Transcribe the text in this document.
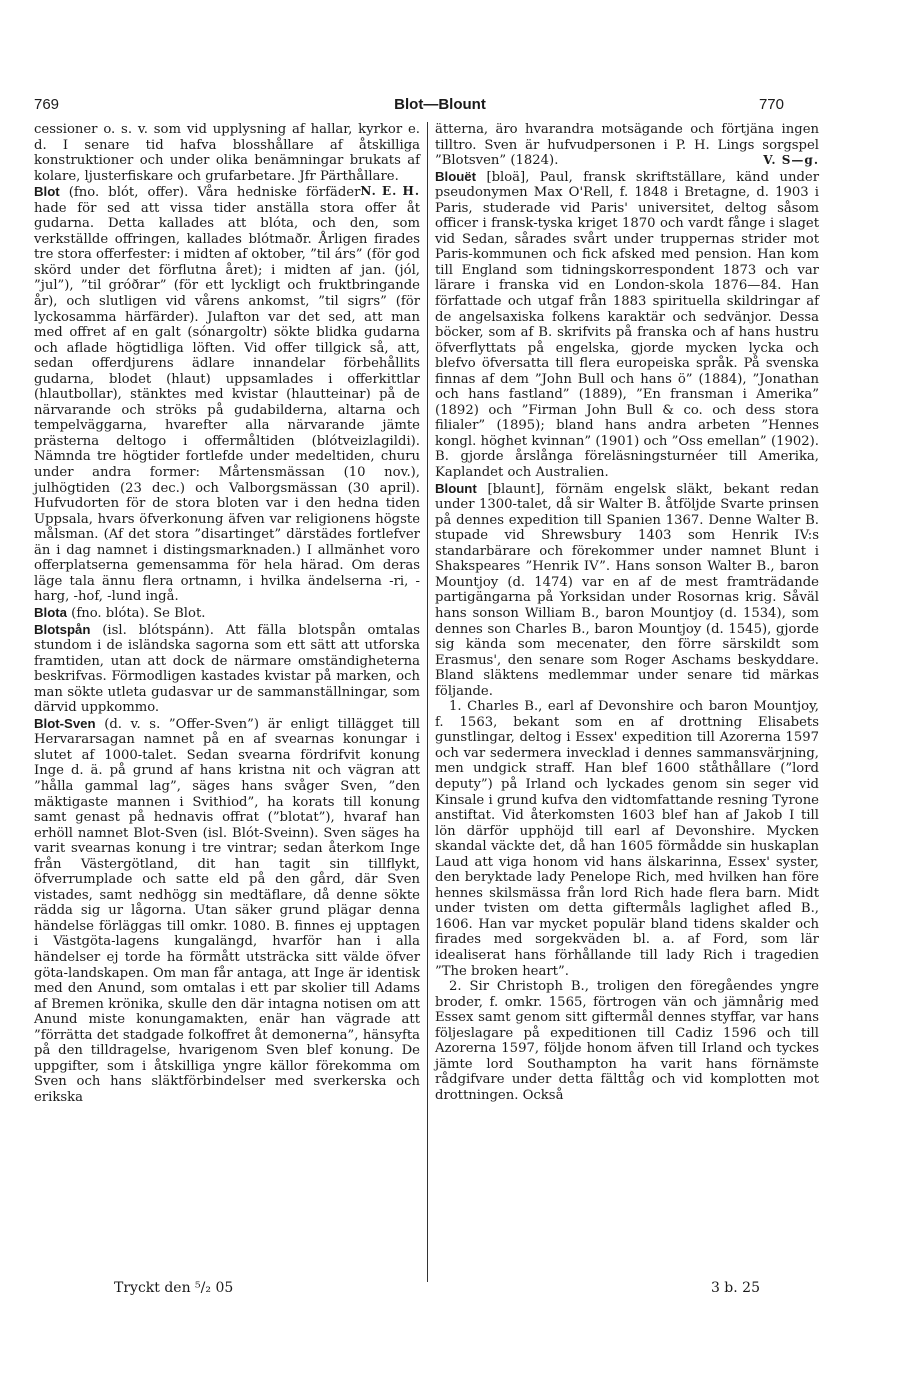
769	Blot—Blount	770

cessioner o. s. v. som vid upplysning af hallar, kyrkor e. d. I senare tid hafva blosshållare af åtskilliga konstruktioner och under olika benämningar brukats af kolare, ljusterfiskare och grufarbetare. Jfr Pärthållare.
N. E. H.

Blot (fno. blót, offer). Våra hedniske förfäder hade för sed att vissa tider anställa stora offer åt gudarna. Detta kallades att blóta, och den, som verkställde offringen, kallades blótmaðr. Årligen firades tre stora offerfester: i midten af oktober, ”til árs” (för god skörd under det förflutna året); i midten af jan. (jól, ”jul”), ”til gróðrar” (för ett lyckligt och fruktbringande år), och slutligen vid vårens ankomst, ”til sigrs” (för lyckosamma härfärder). Julafton var det sed, att man med offret af en galt (sónargoltr) sökte blidka gudarna och aflade högtidliga löften. Vid offer tillgick så, att, sedan offerdjurens ädlare innandelar förbehållits gudarna, blodet (hlaut) uppsamlades i offerkittlar (hlautbollar), stänktes med kvistar (hlautteinar) på de närvarande och ströks på gudabilderna, altarna och tempelväggarna, hvarefter alla närvarande jämte prästerna deltogo i offermåltiden (blótveizlagildi). Nämnda tre högtider fortlefde under medeltiden, churu under andra former: Mårtensmässan (10 nov.), julhögtiden (23 dec.) och Valborgsmässan (30 april). Hufvudorten för de stora bloten var i den hedna tiden Uppsala, hvars öfverkonung äfven var religionens högste målsman. (Af det stora ”disartinget” därstädes fortlefver än i dag namnet i distingsmarknaden.) I allmänhet voro offerplatserna gemensamma för hela härad. Om deras läge tala ännu flera ortnamn, i hvilka ändelserna -ri, -harg, -hof, -lund ingå.

Blota (fno. blóta). Se Blot.

Blotspån (isl. blótspánn). Att fälla blotspån omtalas stundom i de isländska sagorna som ett sätt att utforska framtiden, utan att dock de närmare omständigheterna beskrifvas. Förmodligen kastades kvistar på marken, och man sökte utleta gudasvar ur de sammanställningar, som därvid uppkommo.

Blot-Sven (d. v. s. ”Offer-Sven”) är enligt tillägget till Hervararsagan namnet på en af svearnas konungar i slutet af 1000-talet. Sedan svearna fördrifvit konung Inge d. ä. på grund af hans kristna nit och vägran att ”hålla gammal lag”, säges hans svåger Sven, ”den mäktigaste mannen i Svithiod”, ha korats till konung samt genast på hednavis offrat (”blotat”), hvaraf han erhöll namnet Blot-Sven (isl. Blót-Sveinn). Sven säges ha varit svearnas konung i tre vintrar; sedan återkom Inge från Västergötland, dit han tagit sin tillflykt, öfverrumplade och satte eld på den gård, där Sven vistades, samt nedhögg sin medtäflare, då denne sökte rädda sig ur lågorna. Utan säker grund plägar denna händelse förläggas till omkr. 1080. B. finnes ej upptagen i Västgöta-lagens kungalängd, hvarför han i alla händelser ej torde ha förmått utsträcka sitt välde öfver göta-landskapen. Om man får antaga, att Inge är identisk med den Anund, som omtalas i ett par skolier till Adams af Bremen krönika, skulle den där intagna notisen om att Anund miste konungamakten, enär han vägrade att ”förrätta det stadgade folkoffret åt demonerna”, hänsyfta på den tilldragelse, hvarigenom Sven blef konung. De uppgifter, som i åtskilliga yngre källor förekomma om Sven och hans släktförbindelser med sverkerska och erikska

ätterna, äro hvarandra motsägande och förtjäna ingen tilltro. Sven är hufvudpersonen i P. H. Lings sorgspel ”Blotsven” (1824).	V. S—g.

Blouët [bloä], Paul, fransk skriftställare, känd under pseudonymen Max O'Rell, f. 1848 i Bretagne, d. 1903 i Paris, studerade vid Paris' universitet, deltog såsom officer i fransk-tyska kriget 1870 och vardt fånge i slaget vid Sedan, sårades svårt under truppernas strider mot Paris-kommunen och fick afsked med pension. Han kom till England som tidningskorrespondent 1873 och var lärare i franska vid en London-skola 1876—84. Han författade och utgaf från 1883 spirituella skildringar af de angelsaxiska folkens karaktär och sedvänjor. Dessa böcker, som af B. skrifvits på franska och af hans hustru öfverflyttats på engelska, gjorde mycken lycka och blefvo öfversatta till flera europeiska språk. På svenska finnas af dem ”John Bull och hans ö” (1884), ”Jonathan och hans fastland” (1889), ”En fransman i Amerika” (1892) och ”Firman John Bull & co. och dess stora filialer” (1895); bland hans andra arbeten ”Hennes kongl. höghet kvinnan” (1901) och ”Oss emellan” (1902). B. gjorde årslånga föreläsningsturnéer till Amerika, Kaplandet och Australien.

Blount [blaunt], förnäm engelsk släkt, bekant redan under 1300-talet, då sir Walter B. åtföljde Svarte prinsen på dennes expedition till Spanien 1367. Denne Walter B. stupade vid Shrewsbury 1403 som Henrik IV:s standarbärare och förekommer under namnet Blunt i Shakspeares ”Henrik IV”. Hans sonson Walter B., baron Mountjoy (d. 1474) var en af de mest framträdande partigängarna på Yorksidan under Rosornas krig. Såväl hans sonson William B., baron Mountjoy (d. 1534), som dennes son Charles B., baron Mountjoy (d. 1545), gjorde sig kända som mecenater, den förre särskildt som Erasmus', den senare som Roger Aschams beskyddare. Bland släktens medlemmar under senare tid märkas följande.

1. Charles B., earl af Devonshire och baron Mountjoy, f. 1563, bekant som en af drottning Elisabets gunstlingar, deltog i Essex' expedition till Azorerna 1597 och var sedermera invecklad i dennes sammansvärjning, men undgick straff. Han blef 1600 ståthållare (”lord deputy”) på Irland och lyckades genom sin seger vid Kinsale i grund kufva den vidtomfattande resning Tyrone anstiftat. Vid återkomsten 1603 blef han af Jakob I till lön därför upphöjd till earl af Devonshire. Mycken skandal väckte det, då han 1605 förmådde sin huskaplan Laud att viga honom vid hans älskarinna, Essex' syster, den beryktade lady Penelope Rich, med hvilken han före hennes skilsmässa från lord Rich hade flera barn. Midt under tvisten om detta giftermåls laglighet afled B., 1606. Han var mycket populär bland tidens skalder och firades med sorgekväden bl. a. af Ford, som lär idealiserat hans förhållande till lady Rich i tragedien ”The broken heart”.

2. Sir Christoph B., troligen den föregåendes yngre broder, f. omkr. 1565, förtrogen vän och jämnårig med Essex samt genom sitt giftermål dennes styffar, var hans följeslagare på expeditionen till Cadiz 1596 och till Azorerna 1597, följde honom äfven till Irland och tyckes jämte lord Southampton ha varit hans förnämste rådgifvare under detta fälttåg och vid komplotten mot drottningen. Också

Tryckt den ⁵/₂ 05	3 b. 25
